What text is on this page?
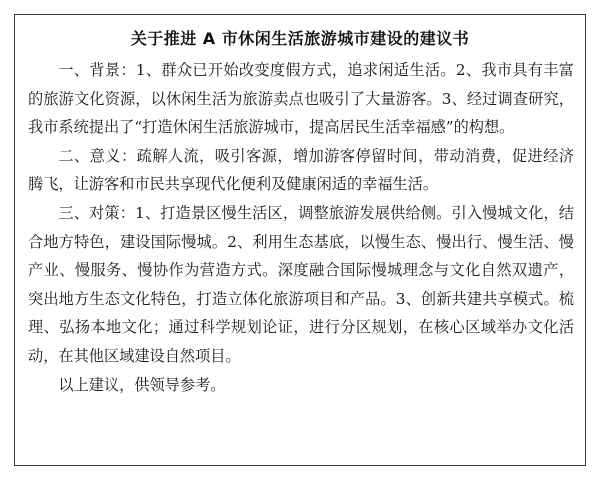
关于推进 A 市休闲生活旅游城市建设的建议书

一、背景：1、群众已开始改变度假方式，追求闲适生活。2、我市具有丰富的旅游文化资源，以休闲生活为旅游卖点也吸引了大量游客。3、经过调查研究，我市系统提出了“打造休闲生活旅游城市，提高居民生活幸福感”的构想。

二、意义：疏解人流，吸引客源，增加游客停留时间，带动消费，促进经济腾飞，让游客和市民共享现代化便利及健康闲适的幸福生活。

三、对策：1、打造景区慢生活区，调整旅游发展供给侧。引入慢城文化，结合地方特色，建设国际慢城。2、利用生态基底，以慢生态、慢出行、慢生活、慢产业、慢服务、慢协作为营造方式。深度融合国际慢城理念与文化自然双遗产，突出地方生态文化特色，打造立体化旅游项目和产品。3、创新共建共享模式。梳理、弘扬本地文化；通过科学规划论证，进行分区规划，在核心区域举办文化活动，在其他区域建设自然项目。

以上建议，供领导参考。
